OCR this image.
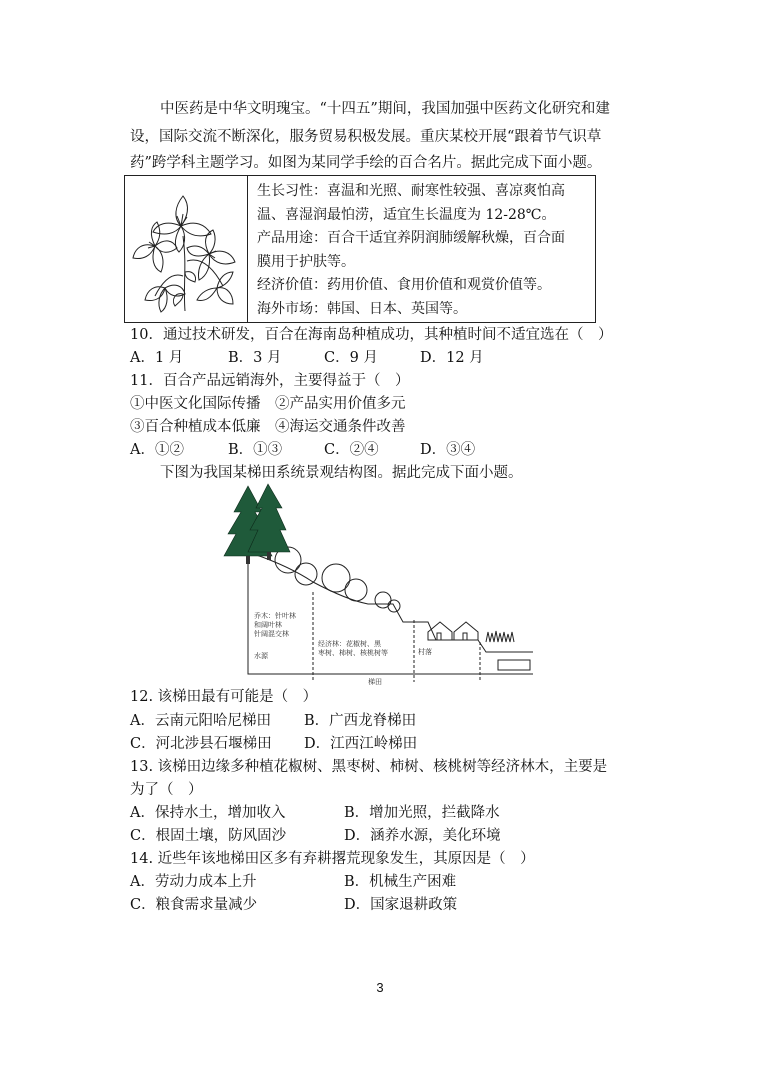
中医药是中华文明瑰宝。“十四五”期间，我国加强中医药文化研究和建
设，国际交流不断深化，服务贸易积极发展。重庆某校开展“跟着节气识草
药”跨学科主题学习。如图为某同学手绘的百合名片。据此完成下面小题。
生长习性：喜温和光照、耐寒性较强、喜凉爽怕高
温、喜湿润最怕涝，适宜生长温度为 12-28℃。
产品用途：百合干适宜养阴润肺缓解秋燥，百合面
膜用于护肤等。
经济价值：药用价值、食用价值和观赏价值等。
海外市场：韩国、日本、英国等。
10．通过技术研发，百合在海南岛种植成功，其种植时间不适宜选在（　）
A．1 月	B．3 月	C．9 月	D．12 月
11．百合产品远销海外，主要得益于（　）
①中医文化国际传播　②产品实用价值多元
③百合种植成本低廉　④海运交通条件改善
A．①②	B．①③	C．②④	D．③④
下图为我国某梯田系统景观结构图。据此完成下面小题。
乔木：针叶林
和阔叶林
针阔混交林
水源
经济林：花椒树、黑
枣树、柿树、核桃树等	村落
梯田
12. 该梯田最有可能是（　）
A．云南元阳哈尼梯田 B．广西龙脊梯田
C．河北涉县石堰梯田 D．江西江岭梯田
13. 该梯田边缘多种植花椒树、黑枣树、柿树、核桃树等经济林木，主要是
为了（　）
A．保持水土，增加收入	B．增加光照，拦截降水
C．根固土壤，防风固沙	D．涵养水源，美化环境
14. 近些年该地梯田区多有弃耕撂荒现象发生，其原因是（　）
A．劳动力成本上升	B．机械生产困难
C．粮食需求量减少	D．国家退耕政策
3
